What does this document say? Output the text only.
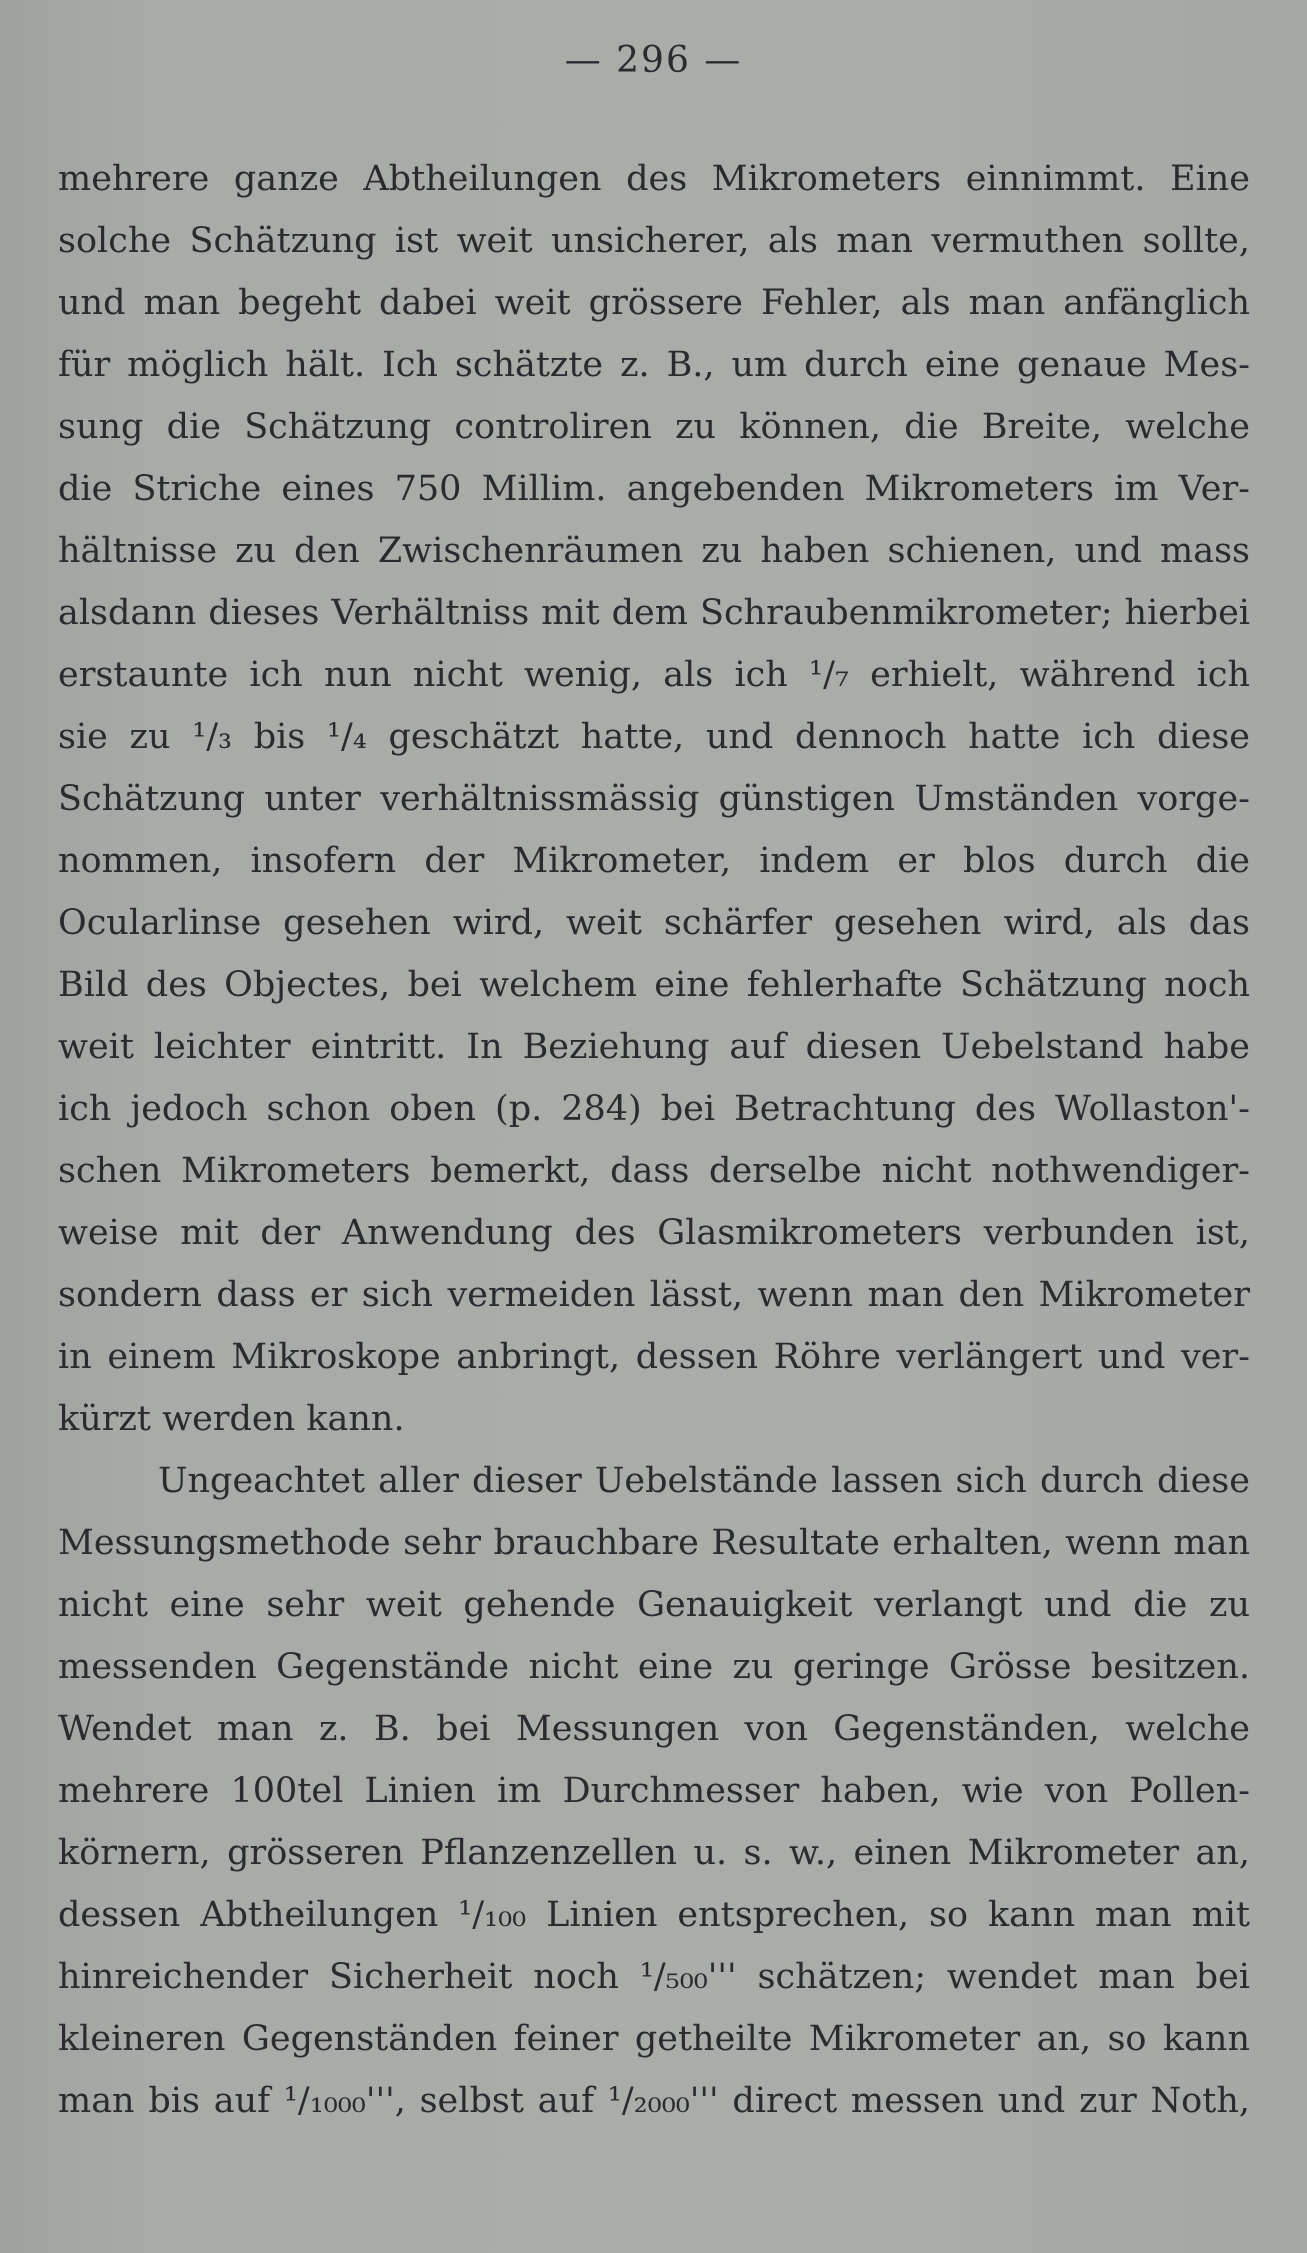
— 296 —
mehrere ganze Abtheilungen des Mikrometers einnimmt. Eine
solche Schätzung ist weit unsicherer, als man vermuthen sollte,
und man begeht dabei weit grössere Fehler, als man anfänglich
für möglich hält. Ich schätzte z. B., um durch eine genaue Mes-
sung die Schätzung controliren zu können, die Breite, welche
die Striche eines 750 Millim. angebenden Mikrometers im Ver-
hältnisse zu den Zwischenräumen zu haben schienen, und mass
alsdann dieses Verhältniss mit dem Schraubenmikrometer; hierbei
erstaunte ich nun nicht wenig, als ich ¹/₇ erhielt, während ich
sie zu ¹/₃ bis ¹/₄ geschätzt hatte, und dennoch hatte ich diese
Schätzung unter verhältnissmässig günstigen Umständen vorge-
nommen, insofern der Mikrometer, indem er blos durch die
Ocularlinse gesehen wird, weit schärfer gesehen wird, als das
Bild des Objectes, bei welchem eine fehlerhafte Schätzung noch
weit leichter eintritt. In Beziehung auf diesen Uebelstand habe
ich jedoch schon oben (p. 284) bei Betrachtung des Wollaston'-
schen Mikrometers bemerkt, dass derselbe nicht nothwendiger-
weise mit der Anwendung des Glasmikrometers verbunden ist,
sondern dass er sich vermeiden lässt, wenn man den Mikrometer
in einem Mikroskope anbringt, dessen Röhre verlängert und ver-
kürzt werden kann.
Ungeachtet aller dieser Uebelstände lassen sich durch diese
Messungsmethode sehr brauchbare Resultate erhalten, wenn man
nicht eine sehr weit gehende Genauigkeit verlangt und die zu
messenden Gegenstände nicht eine zu geringe Grösse besitzen.
Wendet man z. B. bei Messungen von Gegenständen, welche
mehrere 100tel Linien im Durchmesser haben, wie von Pollen-
körnern, grösseren Pflanzenzellen u. s. w., einen Mikrometer an,
dessen Abtheilungen ¹/₁₀₀ Linien entsprechen, so kann man mit
hinreichender Sicherheit noch ¹/₅₀₀''' schätzen; wendet man bei
kleineren Gegenständen feiner getheilte Mikrometer an, so kann
man bis auf ¹/₁₀₀₀''', selbst auf ¹/₂₀₀₀''' direct messen und zur Noth,
